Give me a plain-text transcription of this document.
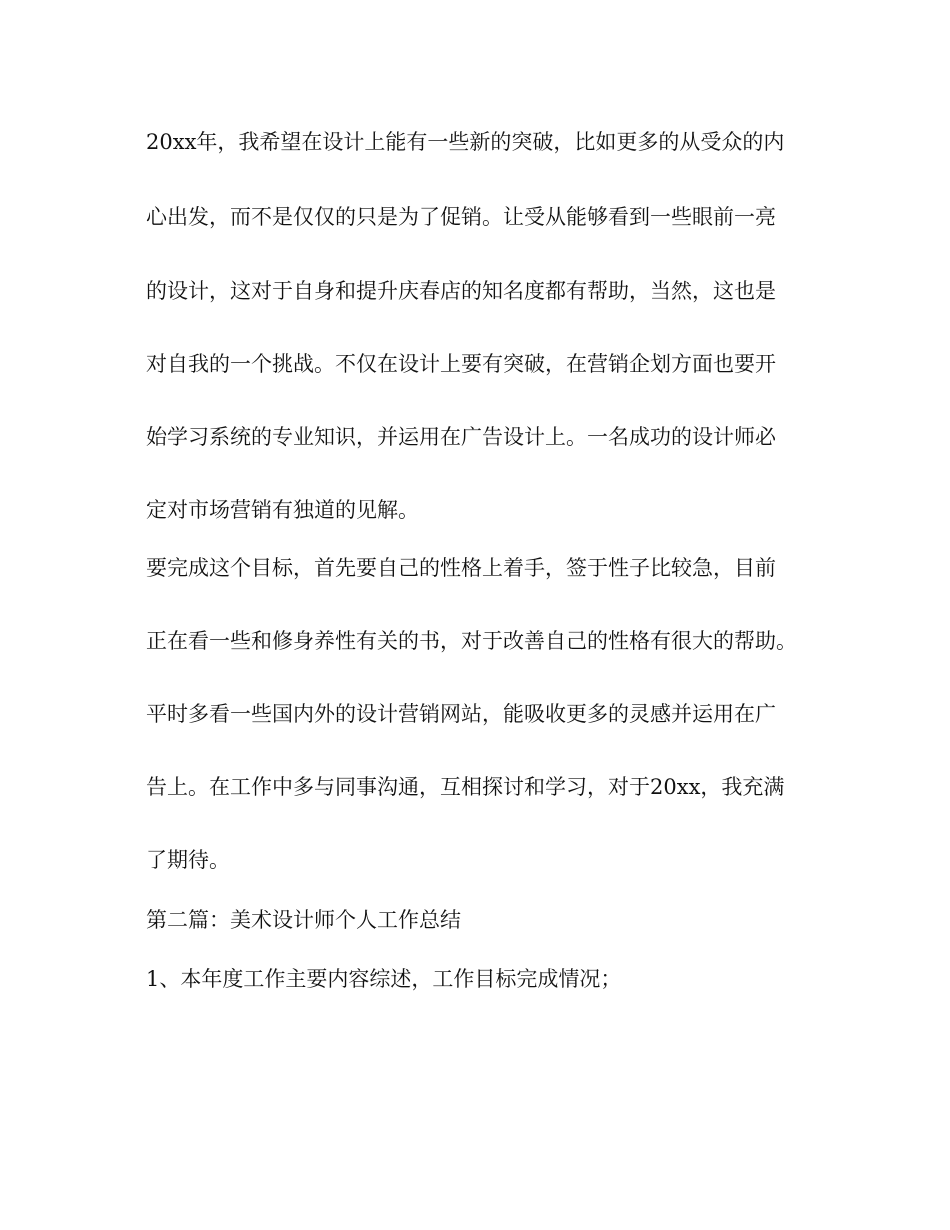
20xx年，我希望在设计上能有一些新的突破，比如更多的从受众的内
心出发，而不是仅仅的只是为了促销。让受从能够看到一些眼前一亮
的设计，这对于自身和提升庆春店的知名度都有帮助，当然，这也是
对自我的一个挑战。不仅在设计上要有突破，在营销企划方面也要开
始学习系统的专业知识，并运用在广告设计上。一名成功的设计师必
定对市场营销有独道的见解。
要完成这个目标，首先要自己的性格上着手，签于性子比较急，目前
正在看一些和修身养性有关的书，对于改善自己的性格有很大的帮助。
平时多看一些国内外的设计营销网站，能吸收更多的灵感并运用在广
告上。在工作中多与同事沟通，互相探讨和学习，对于20xx，我充满
了期待。
第二篇：美术设计师个人工作总结
1、本年度工作主要内容综述，工作目标完成情况；
